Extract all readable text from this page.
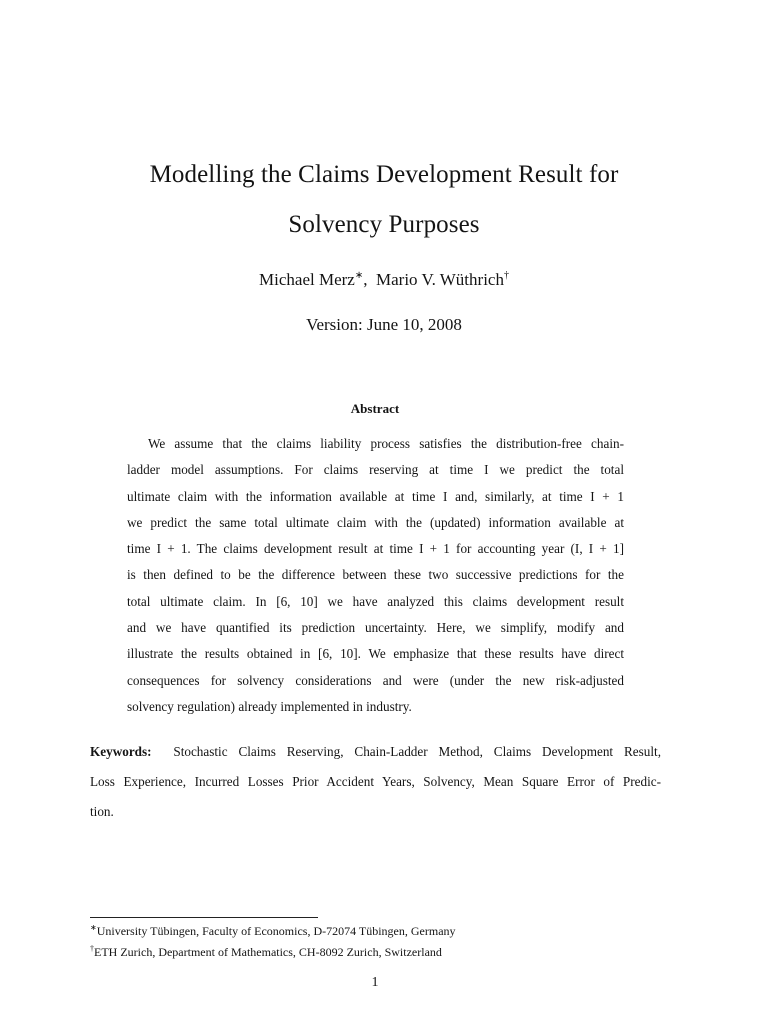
Modelling the Claims Development Result for
Solvency Purposes
Michael Merz∗,  Mario V. Wüthrich†
Version: June 10, 2008
Abstract
We assume that the claims liability process satisfies the distribution-free chain-
ladder model assumptions. For claims reserving at time I we predict the total
ultimate claim with the information available at time I and, similarly, at time I + 1
we predict the same total ultimate claim with the (updated) information available at
time I + 1. The claims development result at time I + 1 for accounting year (I, I + 1]
is then defined to be the difference between these two successive predictions for the
total ultimate claim. In [6, 10] we have analyzed this claims development result
and we have quantified its prediction uncertainty. Here, we simplify, modify and
illustrate the results obtained in [6, 10]. We emphasize that these results have direct
consequences for solvency considerations and were (under the new risk-adjusted
solvency regulation) already implemented in industry.
Keywords: Stochastic Claims Reserving, Chain-Ladder Method, Claims Development Result,
Loss Experience, Incurred Losses Prior Accident Years, Solvency, Mean Square Error of Predic-
tion.
∗University Tübingen, Faculty of Economics, D-72074 Tübingen, Germany
†ETH Zurich, Department of Mathematics, CH-8092 Zurich, Switzerland
1
